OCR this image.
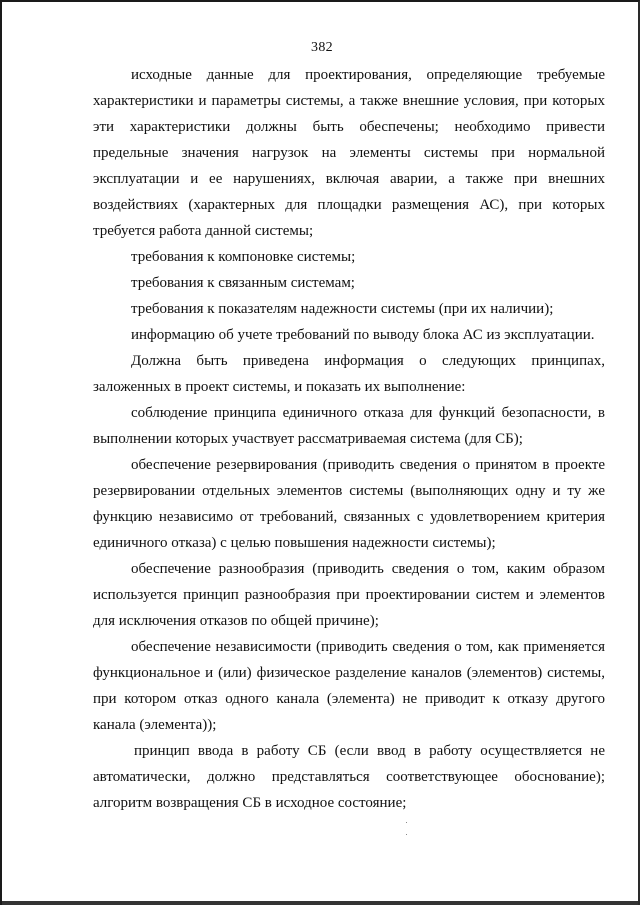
382
исходные данные для проектирования, определяющие требуемые
характеристики и параметры системы, а также внешние условия, при которых
эти характеристики должны быть обеспечены; необходимо привести
предельные значения нагрузок на элементы системы при нормальной
эксплуатации и ее нарушениях, включая аварии, а также при внешних
воздействиях (характерных для площадки размещения АС), при которых
требуется работа данной системы;
требования к компоновке системы;
требования к связанным системам;
требования к показателям надежности системы (при их наличии);
информацию об учете требований по выводу блока АС из эксплуатации.
Должна быть приведена информация о следующих принципах,
заложенных в проект системы, и показать их выполнение:
соблюдение принципа единичного отказа для функций безопасности, в
выполнении которых участвует рассматриваемая система (для СБ);
обеспечение резервирования (приводить сведения о принятом в проекте
резервировании отдельных элементов системы (выполняющих одну и ту же
функцию независимо от требований, связанных с удовлетворением критерия
единичного отказа) с целью повышения надежности системы);
обеспечение разнообразия (приводить сведения о том, каким образом
используется принцип разнообразия при проектировании систем и элементов
для исключения отказов по общей причине);
обеспечение независимости (приводить сведения о том, как применяется
функциональное и (или) физическое разделение каналов (элементов) системы,
при котором отказ одного канала (элемента) не приводит к отказу другого
канала (элемента));
принцип ввода в работу СБ (если ввод в работу осуществляется не
автоматически, должно представляться соответствующее обоснование);
алгоритм возвращения СБ в исходное состояние;
